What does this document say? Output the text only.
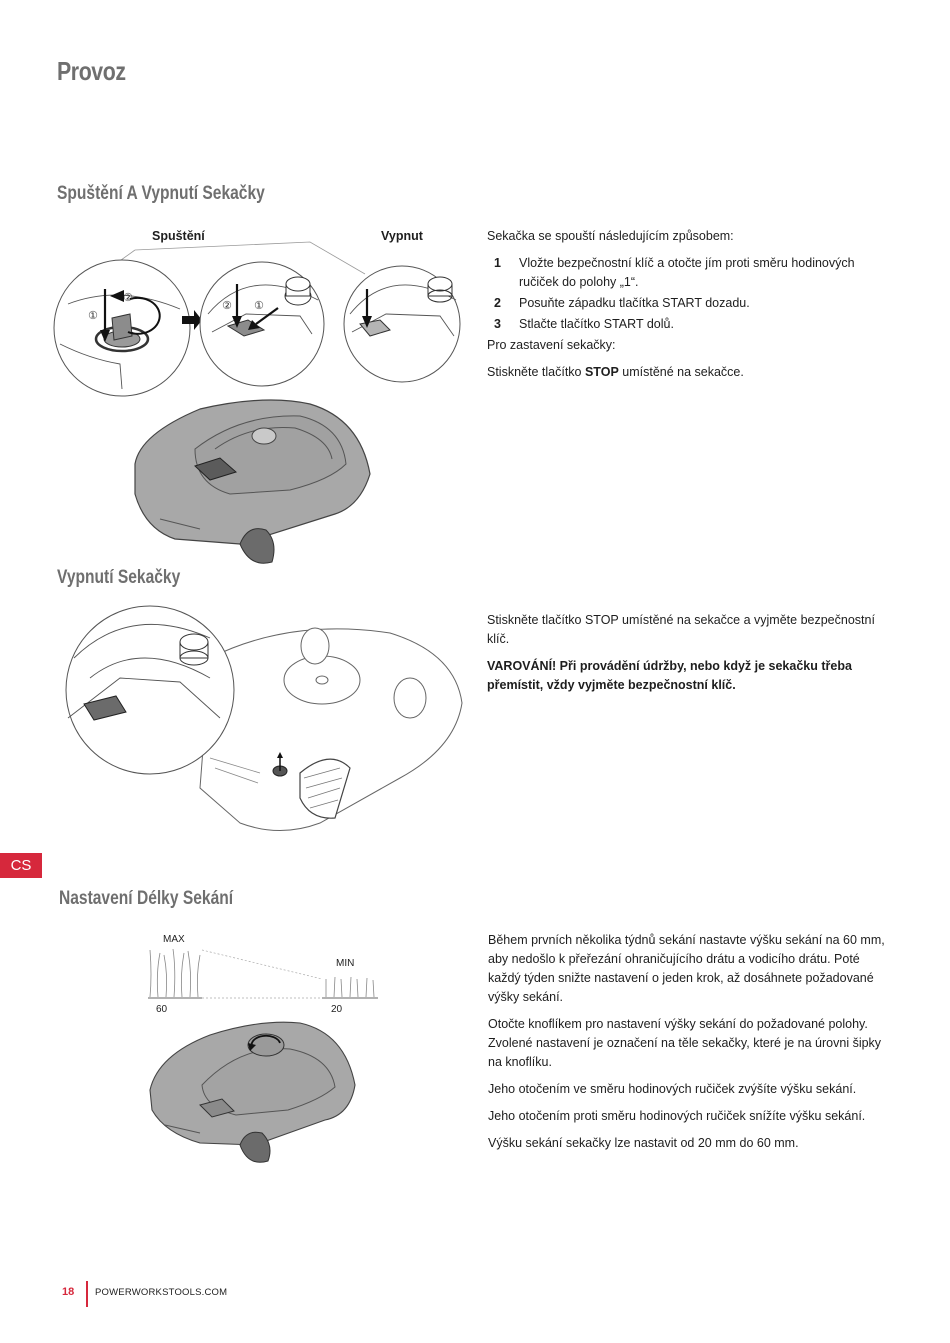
Provoz
Spuštění A Vypnutí Sekačky
Spuštění	Vypnut
①
②
② ①

Sekačka se spouští následujícím způsobem:

1	Vložte bezpečnostní klíč a otočte jím proti směru hodinových ručiček do polohy „1“.
2	Posuňte západku tlačítka START dozadu.
3	Stlačte tlačítko START dolů.

Pro zastavení sekačky:

Stiskněte tlačítko STOP umístěné na sekačce.

Vypnutí Sekačky

Stiskněte tlačítko STOP umístěné na sekačce a vyjměte bezpečnostní klíč.

VAROVÁNÍ! Při provádění údržby, nebo když je sekačku třeba přemístit, vždy vyjměte bezpečnostní klíč.

CS
Nastavení Délky Sekání
MAX
MIN
60	20

Během prvních několika týdnů sekání nastavte výšku sekání na 60 mm, aby nedošlo k přeřezání ohraničujícího drátu a vodicího drátu. Poté každý týden snižte nastavení o jeden krok, až dosáhnete požadované výšky sekání.

Otočte knoflíkem pro nastavení výšky sekání do požadované polohy. Zvolené nastavení je označení na těle sekačky, které je na úrovni šipky na knoflíku.

Jeho otočením ve směru hodinových ručiček zvýšíte výšku sekání.

Jeho otočením proti směru hodinových ručiček snížíte výšku sekání.

Výšku sekání sekačky lze nastavit od 20 mm do 60 mm.

18 POWERWORKSTOOLS.COM
